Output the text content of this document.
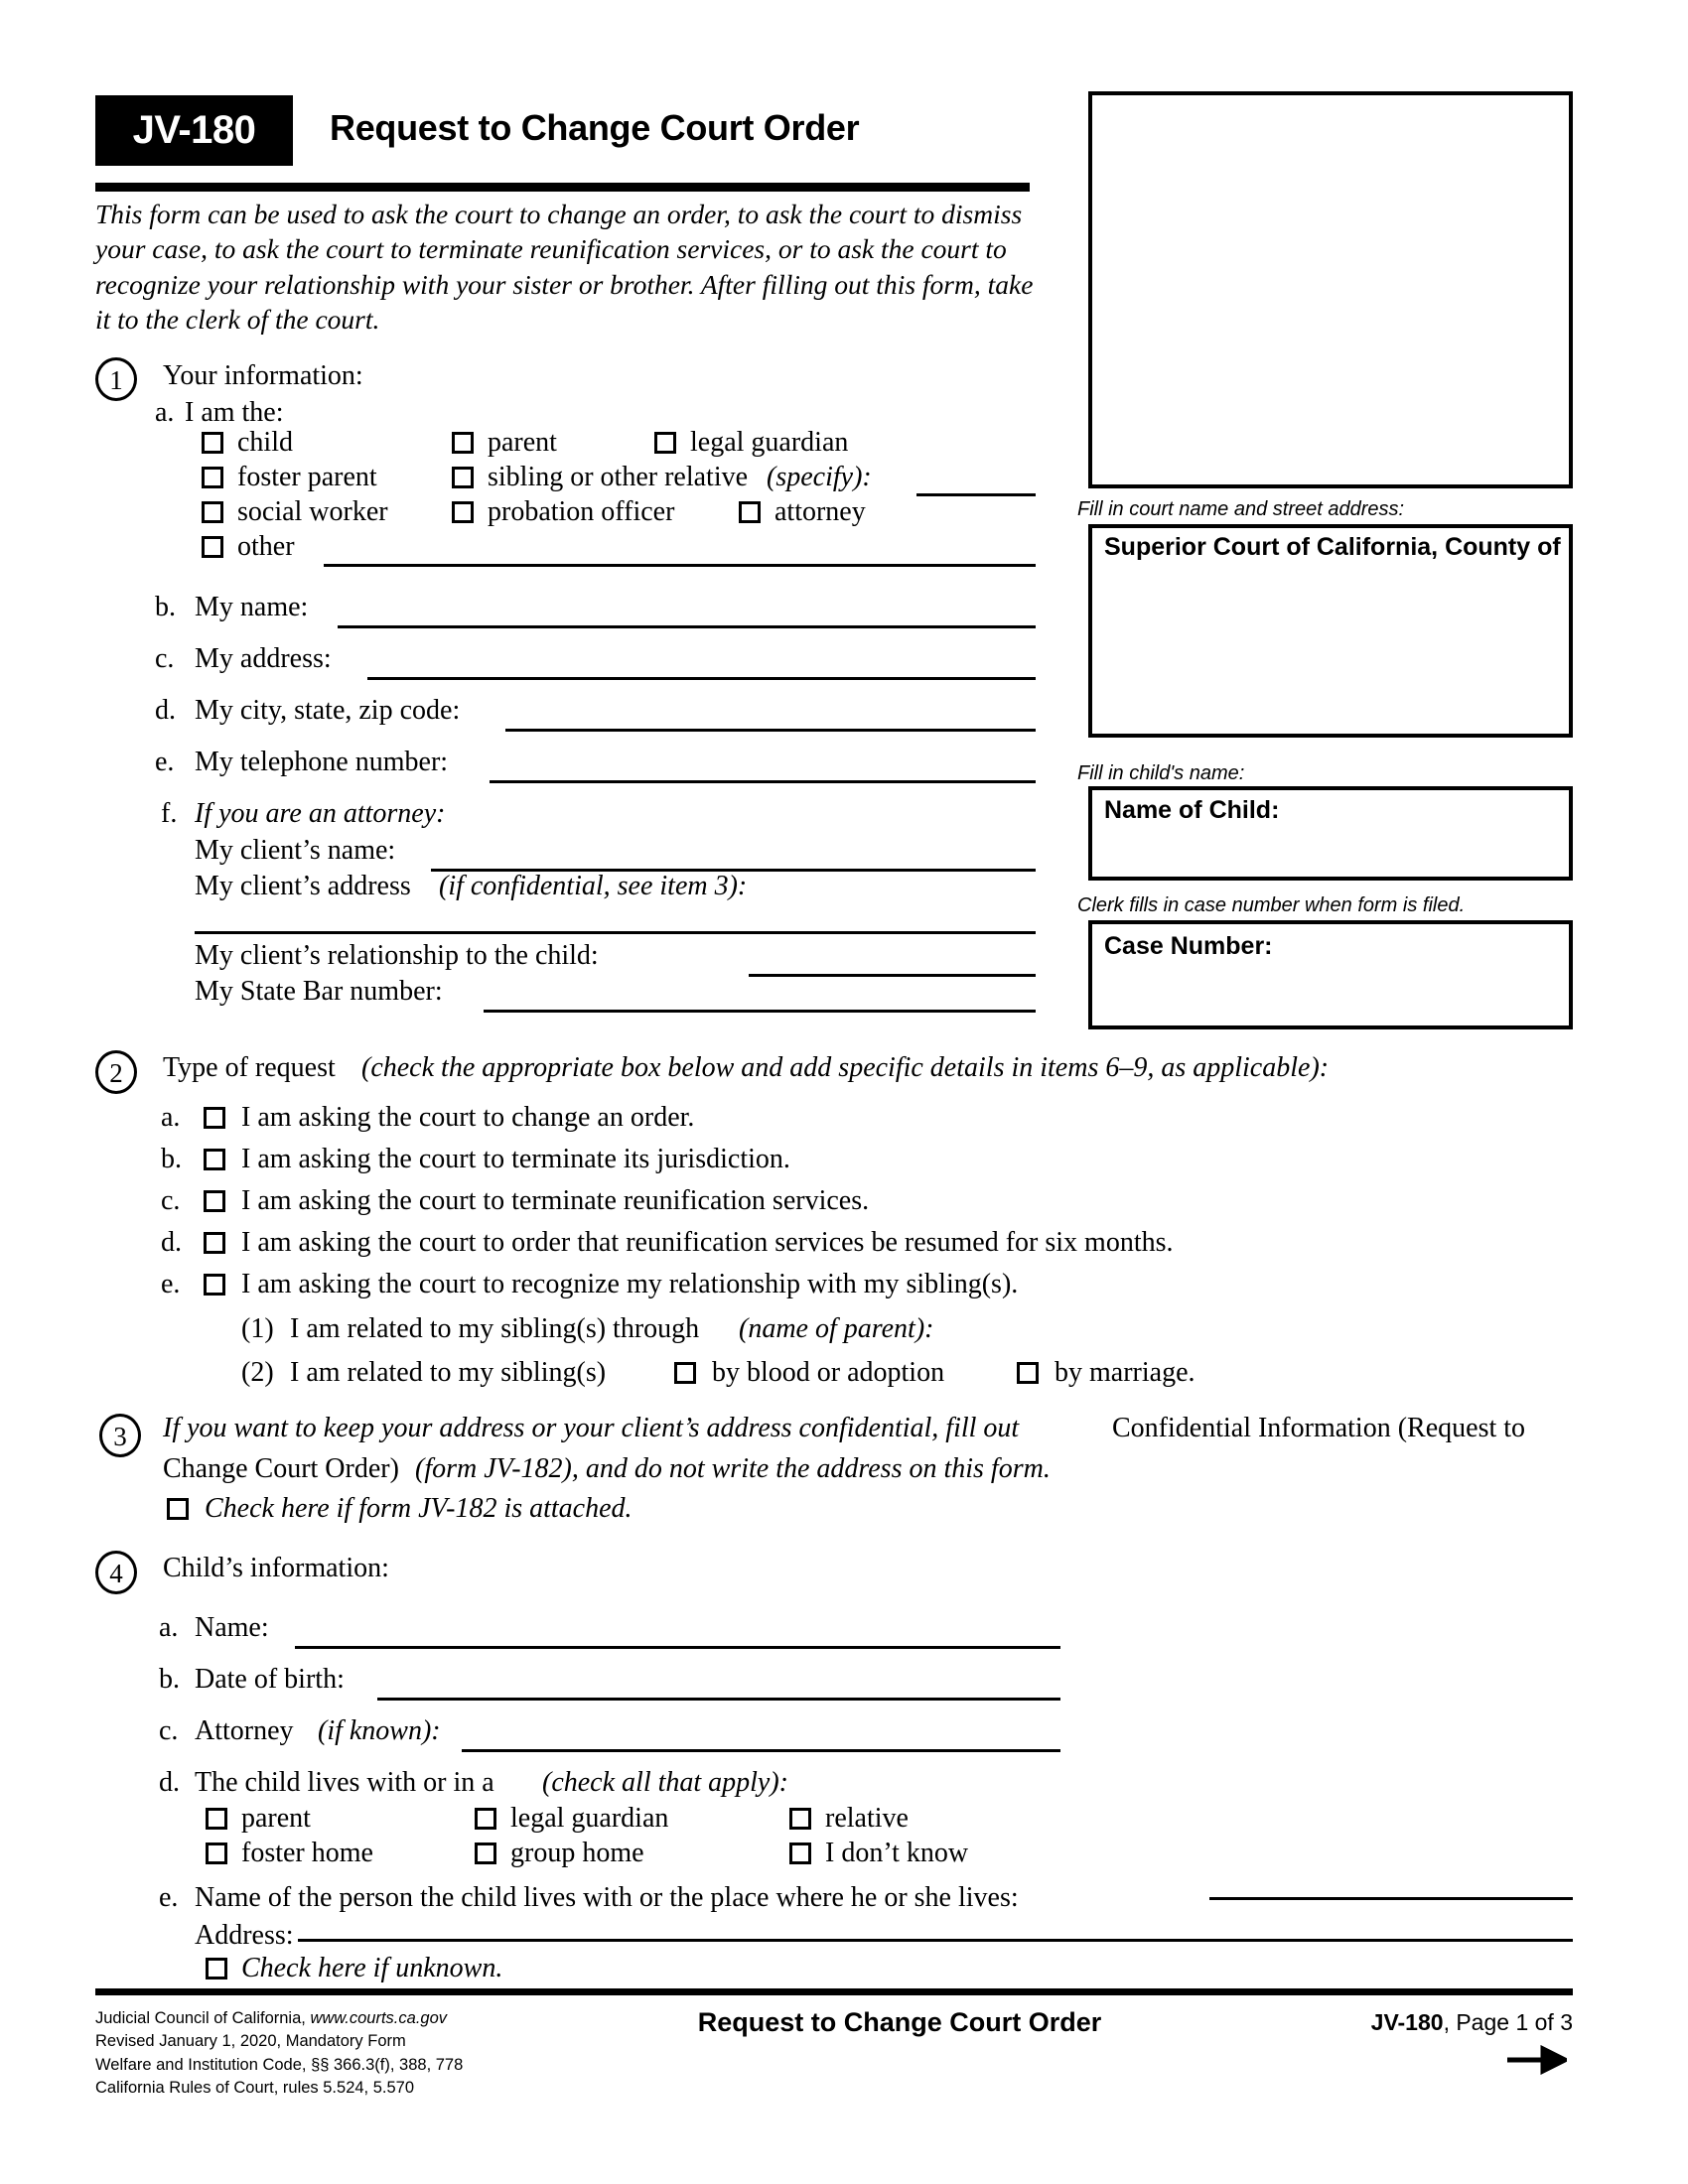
JV-180	Request to Change Court Order
This form can be used to ask the court to change an order, to ask the court to dismiss your case, to ask the court to terminate reunification services, or to ask the court to recognize your relationship with your sister or brother. After filling out this form, take it to the clerk of the court.
Fill in court name and street address:
Superior Court of California, County of
Fill in child's name:
Name of Child:
Clerk fills in case number when form is filed.
Case Number:
1	Your information:
a. I am the:
child	parent	legal guardian
foster parent	sibling or other relative (specify):
social worker	probation officer	attorney
other
b. My name:
c. My address:
d. My city, state, zip code:
e. My telephone number:
f. If you are an attorney:
My client’s name:
My client’s address (if confidential, see item 3):
My client’s relationship to the child:
My State Bar number:
2	Type of request (check the appropriate box below and add specific details in items 6–9, as applicable):
a. I am asking the court to change an order.
b. I am asking the court to terminate its jurisdiction.
c. I am asking the court to terminate reunification services.
d. I am asking the court to order that reunification services be resumed for six months.
e. I am asking the court to recognize my relationship with my sibling(s).
(1) I am related to my sibling(s) through (name of parent):
(2) I am related to my sibling(s)	by blood or adoption	by marriage.
3	If you want to keep your address or your client’s address confidential, fill out	Confidential Information (Request to
Change Court Order) (form JV-182), and do not write the address on this form.
Check here if form JV-182 is attached.
4	Child’s information:
a. Name:
b. Date of birth:
c. Attorney (if known):
d. The child lives with or in a (check all that apply):
parent	legal guardian	relative
foster home	group home	I don’t know
e. Name of the person the child lives with or the place where he or she lives:
Address:
Check here if unknown.
Judicial Council of California, www.courts.ca.gov
Revised January 1, 2020, Mandatory Form
Welfare and Institution Code, §§ 366.3(f), 388, 778
California Rules of Court, rules 5.524, 5.570
Request to Change Court Order	JV-180, Page 1 of 3
